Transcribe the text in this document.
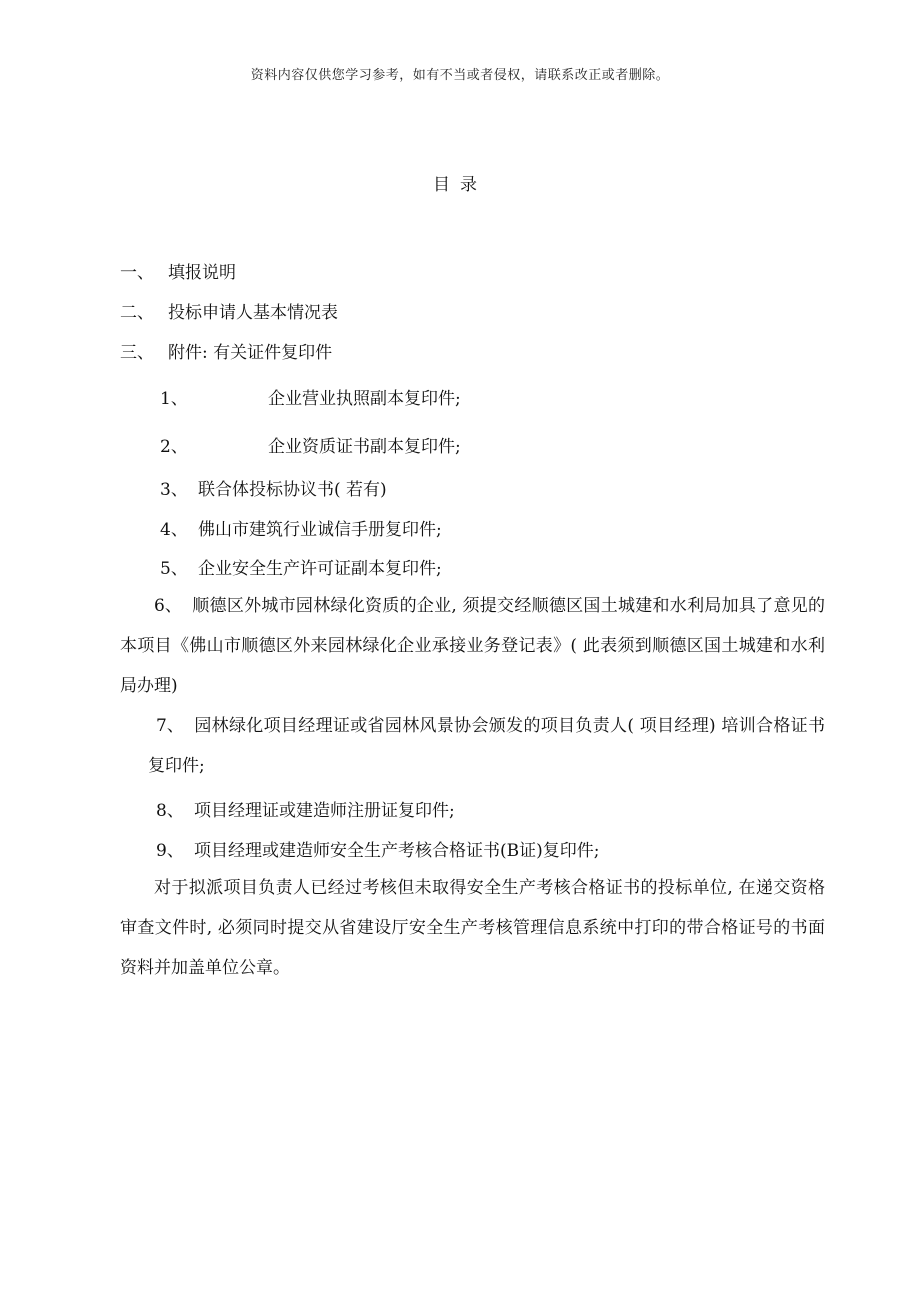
资料内容仅供您学习参考，如有不当或者侵权，请联系改正或者删除。
目录
一、 填报说明
二、 投标申请人基本情况表
三、 附件: 有关证件复印件
1、	企业营业执照副本复印件;
2、	企业资质证书副本复印件;
3、 联合体投标协议书( 若有)
4、 佛山市建筑行业诚信手册复印件;
5、 企业安全生产许可证副本复印件;
6、 顺德区外城市园林绿化资质的企业, 须提交经顺德区国土城建和水利局加具了意见的本项目《佛山市顺德区外来园林绿化企业承接业务登记表》( 此表须到顺德区国土城建和水利局办理)
7、 园林绿化项目经理证或省园林风景协会颁发的项目负责人( 项目经理) 培训合格证书复印件;
8、 项目经理证或建造师注册证复印件;
9、 项目经理或建造师安全生产考核合格证书(B证)复印件;
对于拟派项目负责人已经过考核但未取得安全生产考核合格证书的投标单位, 在递交资格审查文件时, 必须同时提交从省建设厅安全生产考核管理信息系统中打印的带合格证号的书面资料并加盖单位公章。
